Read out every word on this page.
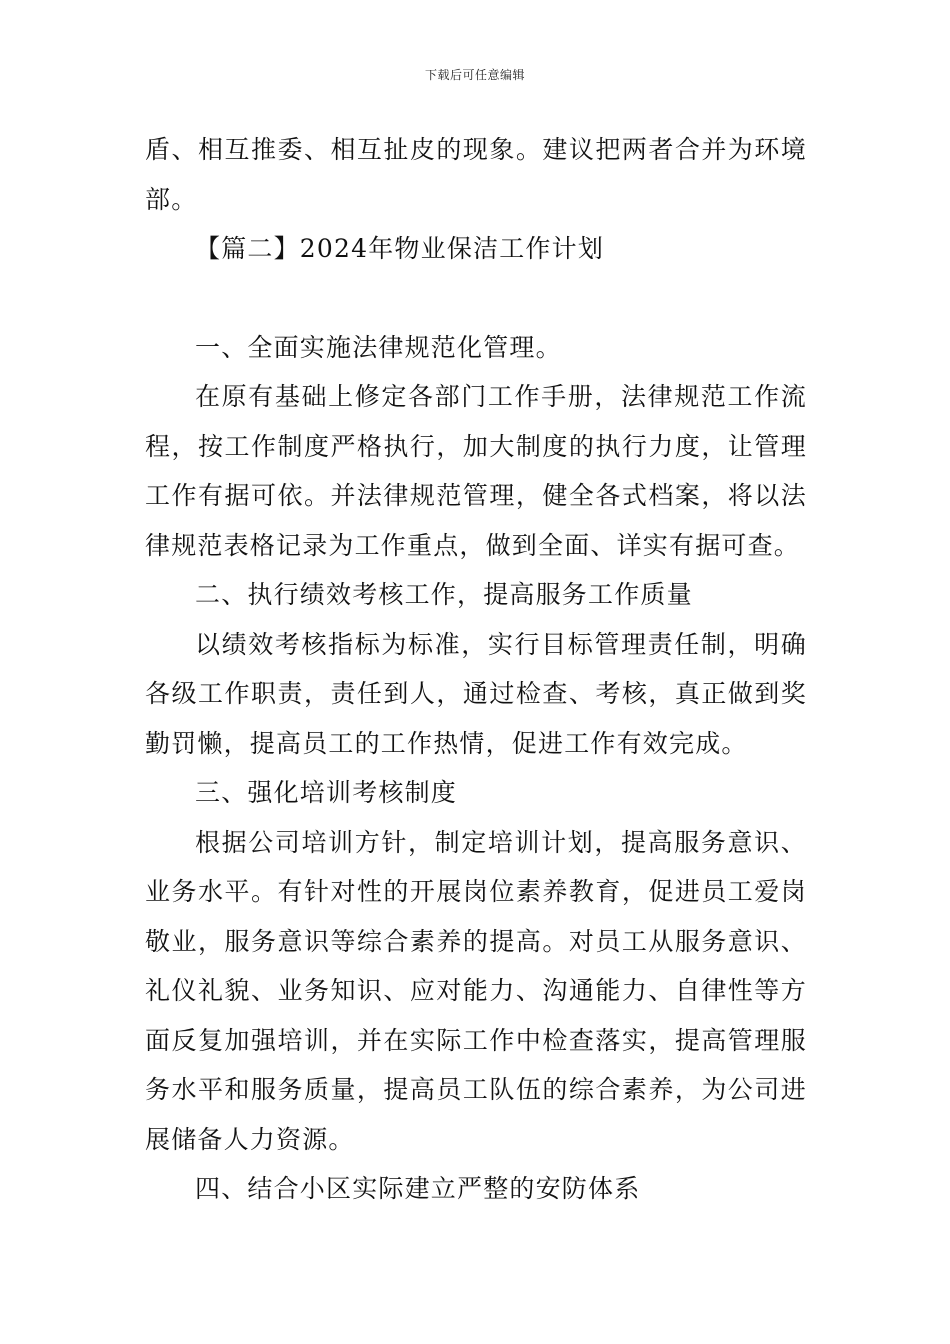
下载后可任意编辑

盾、相互推委、相互扯皮的现象。建议把两者合并为环境部。

【篇二】2024年物业保洁工作计划

一、全面实施法律规范化管理。

在原有基础上修定各部门工作手册，法律规范工作流程，按工作制度严格执行，加大制度的执行力度，让管理工作有据可依。并法律规范管理，健全各式档案，将以法律规范表格记录为工作重点，做到全面、详实有据可查。

二、执行绩效考核工作，提高服务工作质量

以绩效考核指标为标准，实行目标管理责任制，明确各级工作职责，责任到人，通过检查、考核，真正做到奖勤罚懒，提高员工的工作热情，促进工作有效完成。

三、强化培训考核制度

根据公司培训方针，制定培训计划，提高服务意识、业务水平。有针对性的开展岗位素养教育，促进员工爱岗敬业，服务意识等综合素养的提高。对员工从服务意识、礼仪礼貌、业务知识、应对能力、沟通能力、自律性等方面反复加强培训，并在实际工作中检查落实，提高管理服务水平和服务质量，提高员工队伍的综合素养，为公司进展储备人力资源。

四、结合小区实际建立严整的安防体系
